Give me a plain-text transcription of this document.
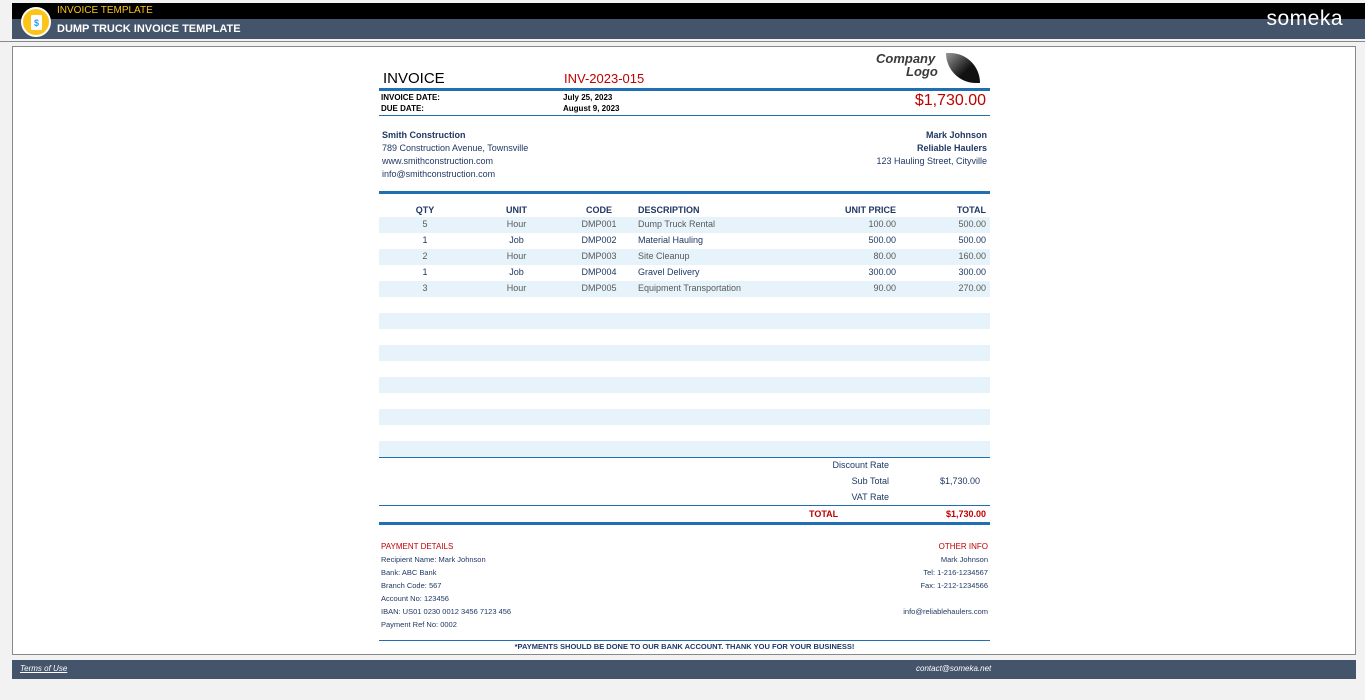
$
INVOICE TEMPLATE
DUMP TRUCK INVOICE TEMPLATE	someka
INVOICE	INV-2023-015
Company
Logo
INVOICE DATE:	July 25, 2023
DUE DATE:	August 9, 2023	$1,730.00
Smith Construction
789 Construction Avenue, Townsville
www.smithconstruction.com
info@smithconstruction.com
Mark Johnson
Reliable Haulers
123 Hauling Street, Cityville
QTY	UNIT	CODE	DESCRIPTION	UNIT PRICE	TOTAL
5	Hour	DMP001	Dump Truck Rental	100.00	500.00
1	Job	DMP002	Material Hauling	500.00	500.00
2	Hour	DMP003	Site Cleanup	80.00	160.00
1	Job	DMP004	Gravel Delivery	300.00	300.00
3	Hour	DMP005	Equipment Transportation	90.00	270.00
Discount Rate
Sub Total	$1,730.00
VAT Rate
TOTAL	$1,730.00
PAYMENT DETAILS
Recipient Name: Mark Johnson
Bank: ABC Bank
Branch Code: 567
Account No: 123456
IBAN: US01 0230 0012 3456 7123 456
Payment Ref No: 0002
OTHER INFO
Mark Johnson
Tel: 1-216-1234567
Fax: 1-212-1234566
info@reliablehaulers.com
*PAYMENTS SHOULD BE DONE TO OUR BANK ACCOUNT. THANK YOU FOR YOUR BUSINESS!
Terms of Use	contact@someka.net
